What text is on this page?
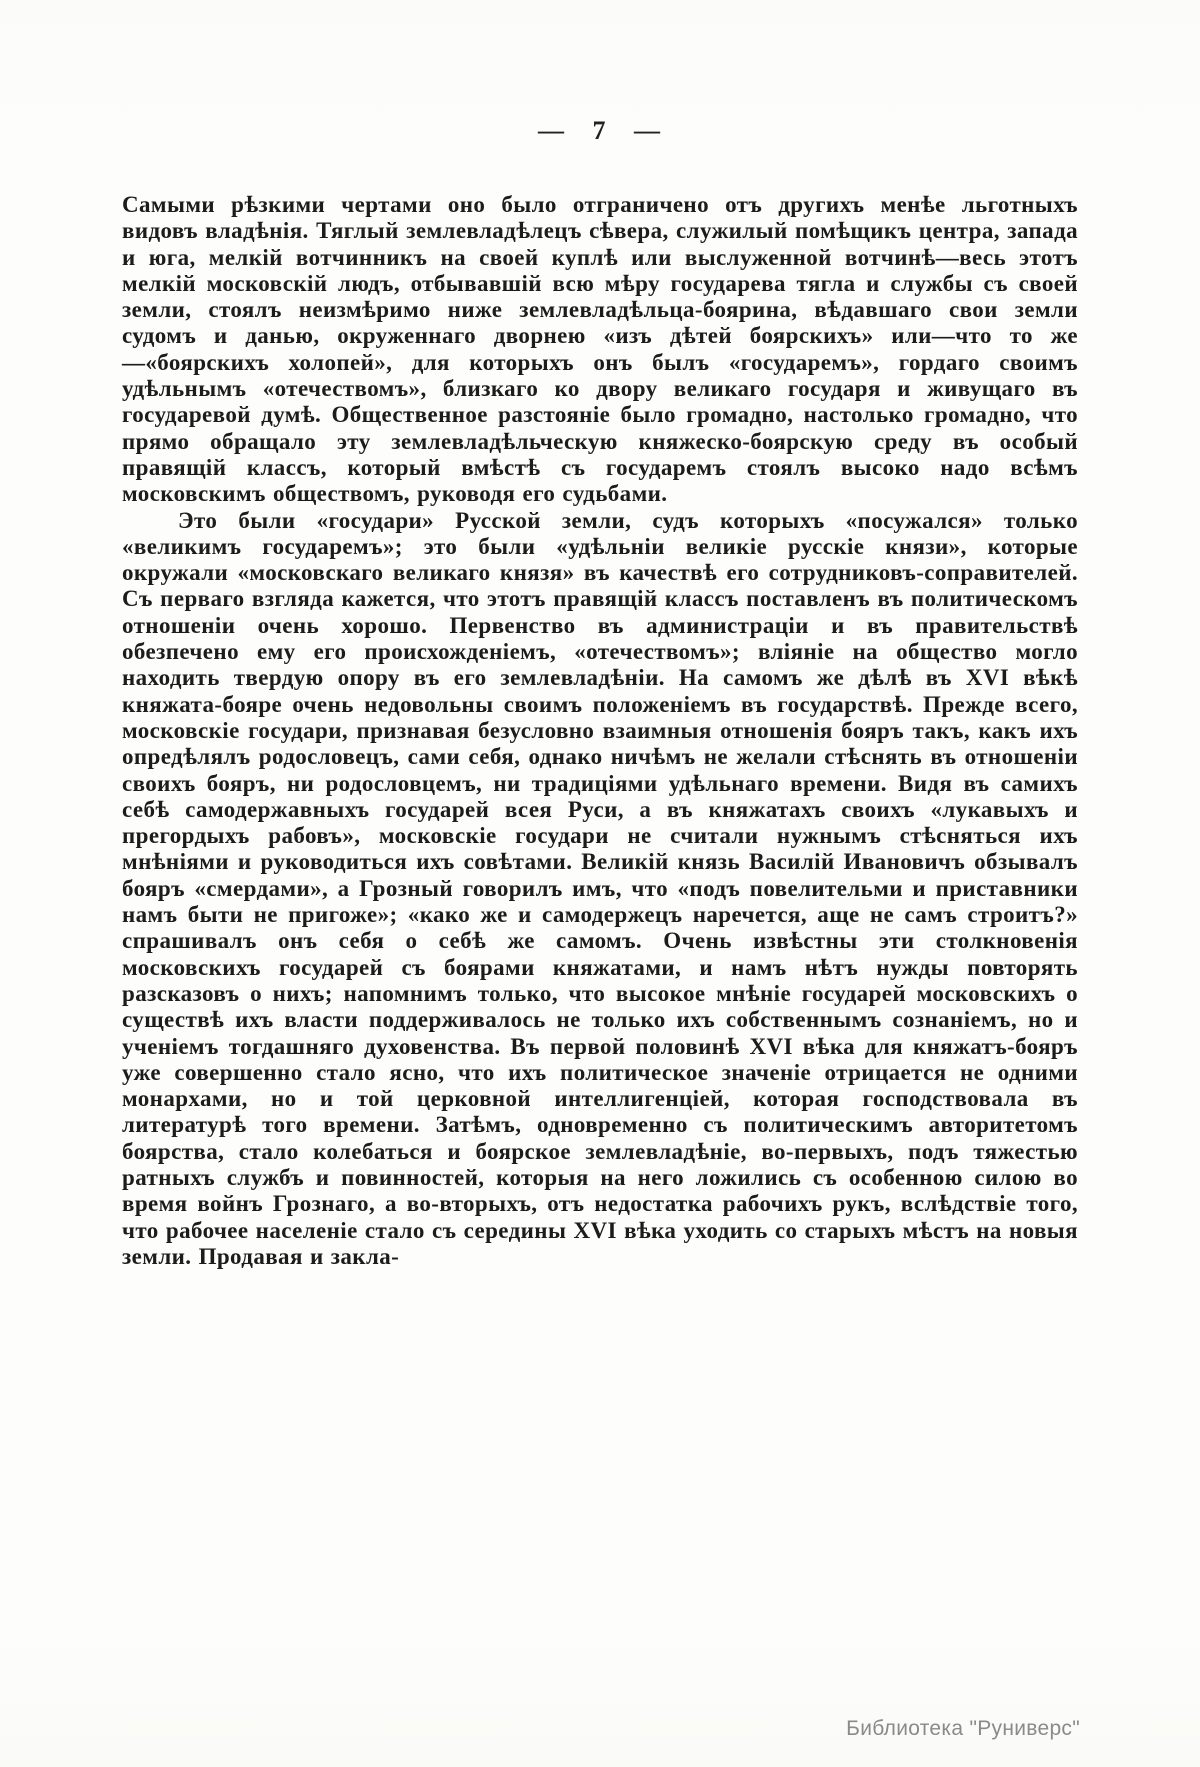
— 7 —

Самыми рѣзкими чертами оно было отграничено отъ другихъ менѣе льготныхъ видовъ владѣнія. Тяглый землевладѣлецъ сѣвера, служилый помѣщикъ центра, запада и юга, мелкій вотчинникъ на своей куплѣ или выслуженной вотчинѣ—весь этотъ мелкій московскій людъ, отбывавшій всю мѣру государева тягла и службы съ своей земли, стоялъ неизмѣримо ниже землевладѣльца-боярина, вѣдавшаго свои земли судомъ и данью, окруженнаго дворнею «изъ дѣтей боярскихъ» или—что то же—«боярскихъ холопей», для которыхъ онъ былъ «государемъ», гордаго своимъ удѣльнымъ «отечествомъ», близкаго ко двору великаго государя и живущаго въ государевой думѣ. Общественное разстояніе было громадно, настолько громадно, что прямо обращало эту землевладѣльческую княжеско-боярскую среду въ особый правящій классъ, который вмѣстѣ съ государемъ стоялъ высоко надо всѣмъ московскимъ обществомъ, руководя его судьбами.

Это были «государи» Русской земли, судъ которыхъ «посужался» только «великимъ государемъ»; это были «удѣльніи великіе русскіе князи», которые окружали «московскаго великаго князя» въ качествѣ его сотрудниковъ-соправителей. Съ перваго взгляда кажется, что этотъ правящій классъ поставленъ въ политическомъ отношеніи очень хорошо. Первенство въ администраціи и въ правительствѣ обезпечено ему его происхожденіемъ, «отечествомъ»; вліяніе на общество могло находить твердую опору въ его землевладѣніи. На самомъ же дѣлѣ въ XVI вѣкѣ княжата-бояре очень недовольны своимъ положеніемъ въ государствѣ. Прежде всего, московскіе государи, признавая безусловно взаимныя отношенія бояръ такъ, какъ ихъ опредѣлялъ родословецъ, сами себя, однако ничѣмъ не желали стѣснять въ отношеніи своихъ бояръ, ни родословцемъ, ни традиціями удѣльнаго времени. Видя въ самихъ себѣ самодержавныхъ государей всея Руси, а въ княжатахъ своихъ «лукавыхъ и прегордыхъ рабовъ», московскіе государи не считали нужнымъ стѣсняться ихъ мнѣніями и руководиться ихъ совѣтами. Великій князь Василій Ивановичъ обзывалъ бояръ «смердами», а Грозный говорилъ имъ, что «подъ повелительми и приставники намъ быти не пригоже»; «како же и самодержецъ наречется, аще не самъ строитъ?» спрашивалъ онъ себя о себѣ же самомъ. Очень извѣстны эти столкновенія московскихъ государей съ боярами княжатами, и намъ нѣтъ нужды повторять разсказовъ о нихъ; напомнимъ только, что высокое мнѣніе государей московскихъ о существѣ ихъ власти поддерживалось не только ихъ собственнымъ сознаніемъ, но и ученіемъ тогдашняго духовенства. Въ первой половинѣ XVI вѣка для княжатъ-бояръ уже совершенно стало ясно, что ихъ политическое значеніе отрицается не одними монархами, но и той церковной интеллигенціей, которая господствовала въ литературѣ того времени. Затѣмъ, одновременно съ политическимъ авторитетомъ боярства, стало колебаться и боярское землевладѣніе, во-первыхъ, подъ тяжестью ратныхъ службъ и повинностей, которыя на него ложились съ особенною силою во время войнъ Грознаго, а во-вторыхъ, отъ недостатка рабочихъ рукъ, вслѣдствіе того, что рабочее населеніе стало съ середины XVI вѣка уходить со старыхъ мѣстъ на новыя земли. Продавая и закла-

Библиотека "Руниверс"
